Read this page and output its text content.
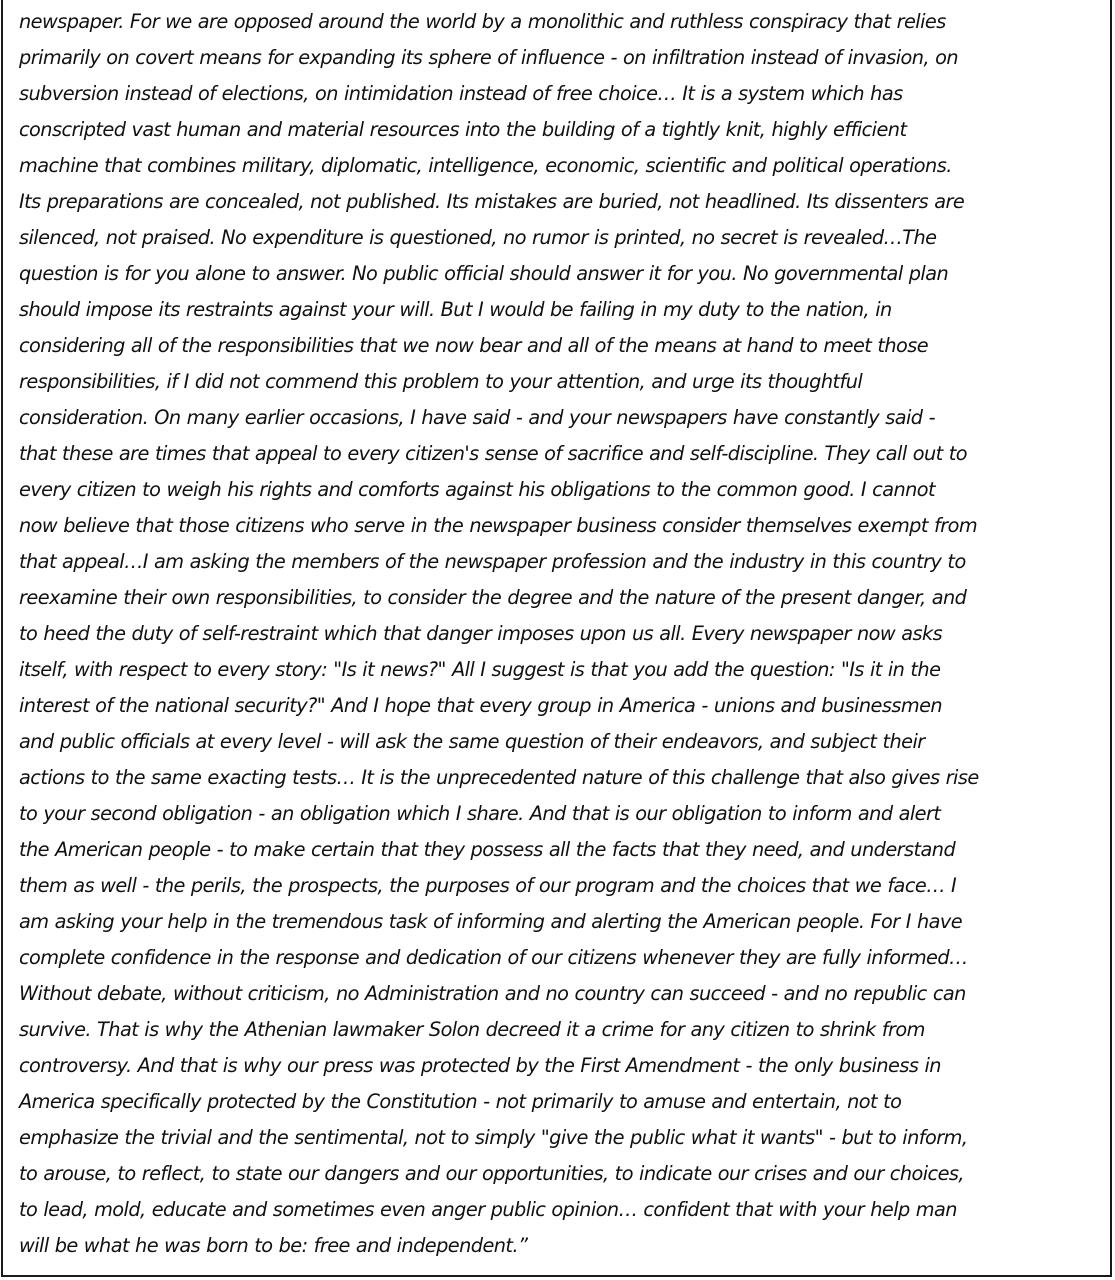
newspaper. For we are opposed around the world by a monolithic and ruthless conspiracy that relies
primarily on covert means for expanding its sphere of influence - on infiltration instead of invasion, on
subversion instead of elections, on intimidation instead of free choice… It is a system which has
conscripted vast human and material resources into the building of a tightly knit, highly efficient
machine that combines military, diplomatic, intelligence, economic, scientific and political operations.
Its preparations are concealed, not published. Its mistakes are buried, not headlined. Its dissenters are
silenced, not praised. No expenditure is questioned, no rumor is printed, no secret is revealed…The
question is for you alone to answer. No public official should answer it for you. No governmental plan
should impose its restraints against your will. But I would be failing in my duty to the nation, in
considering all of the responsibilities that we now bear and all of the means at hand to meet those
responsibilities, if I did not commend this problem to your attention, and urge its thoughtful
consideration. On many earlier occasions, I have said - and your newspapers have constantly said -
that these are times that appeal to every citizen's sense of sacrifice and self-discipline. They call out to
every citizen to weigh his rights and comforts against his obligations to the common good. I cannot
now believe that those citizens who serve in the newspaper business consider themselves exempt from
that appeal…I am asking the members of the newspaper profession and the industry in this country to
reexamine their own responsibilities, to consider the degree and the nature of the present danger, and
to heed the duty of self-restraint which that danger imposes upon us all. Every newspaper now asks
itself, with respect to every story: "Is it news?" All I suggest is that you add the question: "Is it in the
interest of the national security?" And I hope that every group in America - unions and businessmen
and public officials at every level - will ask the same question of their endeavors, and subject their
actions to the same exacting tests… It is the unprecedented nature of this challenge that also gives rise
to your second obligation - an obligation which I share. And that is our obligation to inform and alert
the American people - to make certain that they possess all the facts that they need, and understand
them as well - the perils, the prospects, the purposes of our program and the choices that we face… I
am asking your help in the tremendous task of informing and alerting the American people. For I have
complete confidence in the response and dedication of our citizens whenever they are fully informed…
Without debate, without criticism, no Administration and no country can succeed - and no republic can
survive. That is why the Athenian lawmaker Solon decreed it a crime for any citizen to shrink from
controversy. And that is why our press was protected by the First Amendment - the only business in
America specifically protected by the Constitution - not primarily to amuse and entertain, not to
emphasize the trivial and the sentimental, not to simply "give the public what it wants" - but to inform,
to arouse, to reflect, to state our dangers and our opportunities, to indicate our crises and our choices,
to lead, mold, educate and sometimes even anger public opinion… confident that with your help man
will be what he was born to be: free and independent.”
